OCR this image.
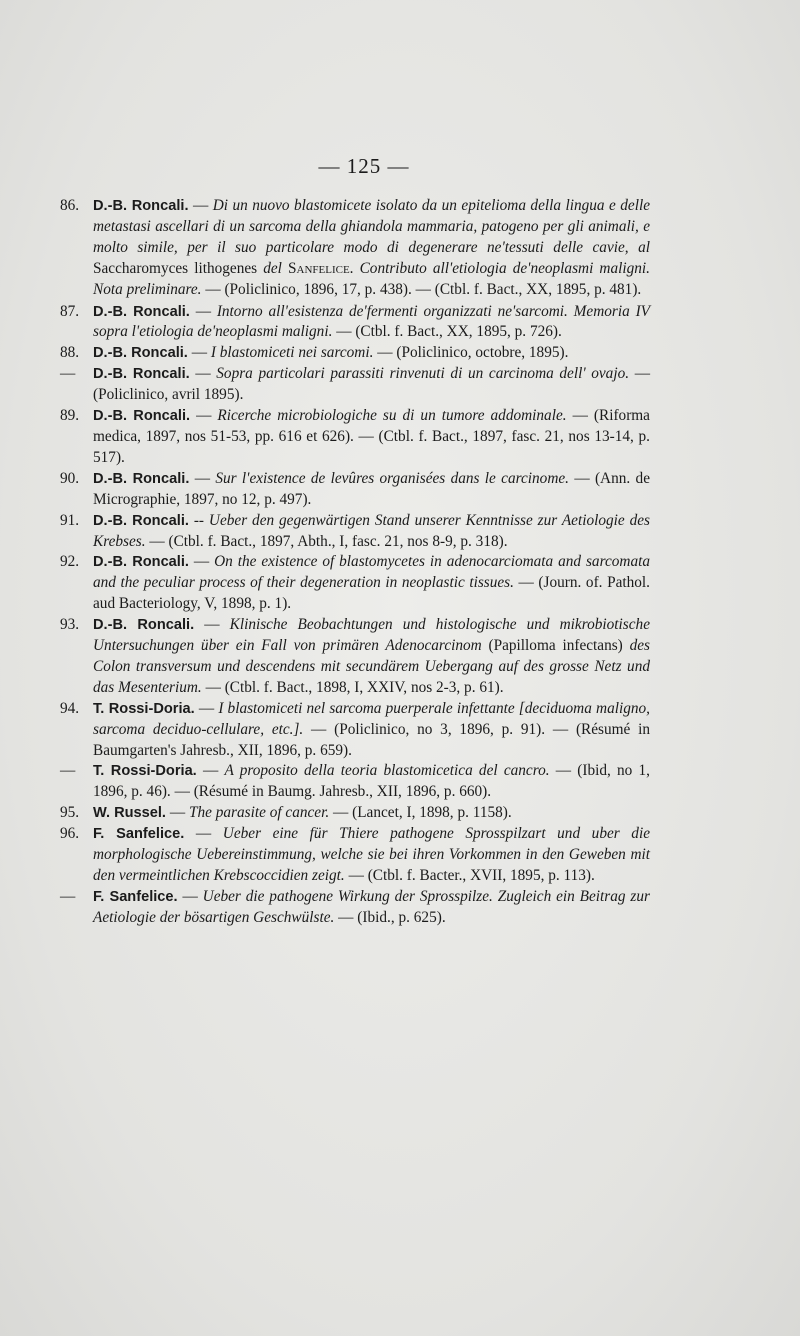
— 125 —
86. D.-B. Roncali. — Di un nuovo blastomicete isolato da un epitelioma della lingua e delle metastasi ascellari di un sarcoma della ghiandola mammaria, patogeno per gli animali, e molto simile, per il suo particolare modo di degenerare ne'tessuti delle cavie, al Saccharomyces lithogenes del Sanfelice. Contributo all'etiologia de'neoplasmi maligni. Nota preliminare. — (Policlinico, 1896, 17, p. 438). — (Ctbl. f. Bact., XX, 1895, p. 481).
87. D.-B. Roncali. — Intorno all'esistenza de'fermenti organizzati ne'sarcomi. Memoria IV sopra l'etiologia de'neoplasmi maligni. — (Ctbl. f. Bact., XX, 1895, p. 726).
88. D.-B. Roncali. — I blastomiceti nei sarcomi. — (Policlinico, octobre, 1895).
—	D.-B. Roncali. — Sopra particolari parassiti rinvenuti di un carcinoma dell' ovajo. — (Policlinico, avril 1895).
89. D.-B. Roncali. — Ricerche microbiologiche su di un tumore addominale. — (Riforma medica, 1897, nos 51-53, pp. 616 et 626). — (Ctbl. f. Bact., 1897, fasc. 21, nos 13-14, p. 517).
90. D.-B. Roncali. — Sur l'existence de levûres organisées dans le carcinome. — (Ann. de Micrographie, 1897, no 12, p. 497).
91. D.-B. Roncali. -- Ueber den gegenwärtigen Stand unserer Kenntnisse zur Aetiologie des Krebses. — (Ctbl. f. Bact., 1897, Abth., I, fasc. 21, nos 8-9, p. 318).
92. D.-B. Roncali. — On the existence of blastomycetes in adenocarciomata and sarcomata and the peculiar process of their degeneration in neoplastic tissues. — (Journ. of. Pathol. aud Bacteriology, V, 1898, p. 1).
93. D.-B. Roncali. — Klinische Beobachtungen und histologische und mikrobiotische Untersuchungen über ein Fall von primären Adenocarcinom (Papilloma infectans) des Colon transversum und descendens mit secundärem Uebergang auf des grosse Netz und das Mesenterium. — (Ctbl. f. Bact., 1898, I, XXIV, nos 2-3, p. 61).
94. T. Rossi-Doria. — I blastomiceti nel sarcoma puerperale infettante [deciduoma maligno, sarcoma deciduo-cellulare, etc.]. — (Policlinico, no 3, 1896, p. 91). — (Résumé in Baumgarten's Jahresb., XII, 1896, p. 659).
—	T. Rossi-Doria. — A proposito della teoria blastomicetica del cancro. — (Ibid, no 1, 1896, p. 46). — (Résumé in Baumg. Jahresb., XII, 1896, p. 660).
95. W. Russel. — The parasite of cancer. — (Lancet, I, 1898, p. 1158).
96. F. Sanfelice. — Ueber eine für Thiere pathogene Sprosspilzart und uber die morphologische Uebereinstimmung, welche sie bei ihren Vorkommen in den Geweben mit den vermeintlichen Krebscoccidien zeigt. — (Ctbl. f. Bacter., XVII, 1895, p. 113).
—	F. Sanfelice. — Ueber die pathogene Wirkung der Sprosspilze. Zugleich ein Beitrag zur Aetiologie der bösartigen Geschwülste. — (Ibid., p. 625).
